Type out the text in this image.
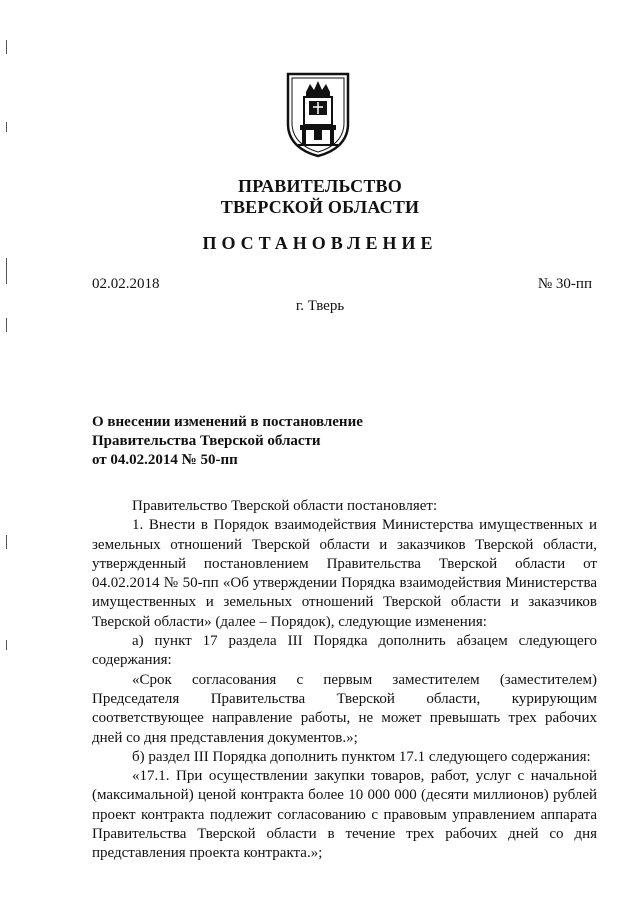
ПРАВИТЕЛЬСТВО
ТВЕРСКОЙ ОБЛАСТИ
ПОСТАНОВЛЕНИЕ
02.02.2018	№ 30-пп
г. Тверь
О внесении изменений в постановление
Правительства Тверской области
от 04.02.2014 № 50-пп

Правительство Тверской области постановляет:

1. Внести в Порядок взаимодействия Министерства имущественных и земельных отношений Тверской области и заказчиков Тверской области, утвержденный постановлением Правительства Тверской области от 04.02.2014 № 50-пп «Об утверждении Порядка взаимодействия Министерства имущественных и земельных отношений Тверской области и заказчиков Тверской области» (далее – Порядок), следующие изменения:

а) пункт 17 раздела III Порядка дополнить абзацем следующего содержания:

«Срок согласования с первым заместителем (заместителем) Председателя Правительства Тверской области, курирующим соответствующее направление работы, не может превышать трех рабочих дней со дня представления документов.»;

б) раздел III Порядка дополнить пунктом 17.1 следующего содержания:

«17.1. При осуществлении закупки товаров, работ, услуг с начальной (максимальной) ценой контракта более 10 000 000 (десяти миллионов) рублей проект контракта подлежит согласованию с правовым управлением аппарата Правительства Тверской области в течение трех рабочих дней со дня представления проекта контракта.»;
